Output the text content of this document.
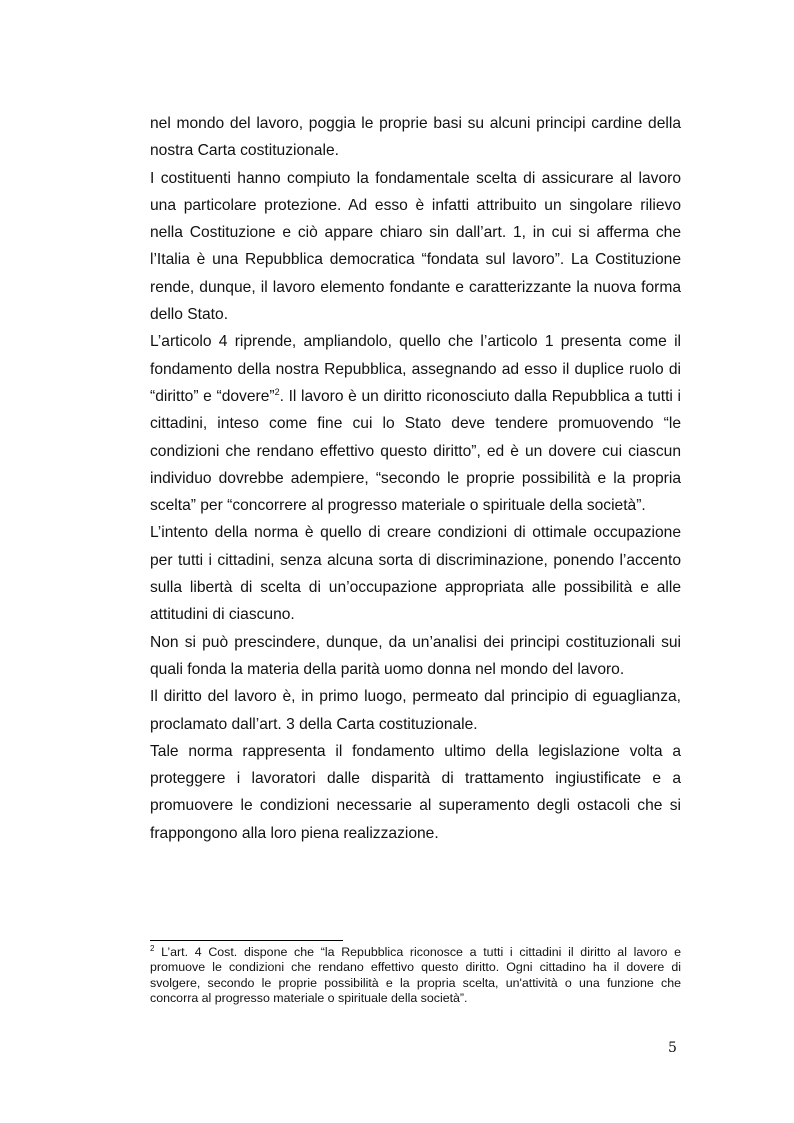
nel mondo del lavoro, poggia le proprie basi su alcuni principi cardine della nostra Carta costituzionale.

I costituenti hanno compiuto la fondamentale scelta di assicurare al lavoro una particolare protezione. Ad esso è infatti attribuito un singolare rilievo nella Costituzione e ciò appare chiaro sin dall’art. 1, in cui si afferma che l’Italia è una Repubblica democratica “fondata sul lavoro”. La Costituzione rende, dunque, il lavoro elemento fondante e caratterizzante la nuova forma dello Stato.

L’articolo 4 riprende, ampliandolo, quello che l’articolo 1 presenta come il fondamento della nostra Repubblica, assegnando ad esso il duplice ruolo di “diritto” e “dovere”$^2$. Il lavoro è un diritto riconosciuto dalla Repubblica a tutti i cittadini, inteso come fine cui lo Stato deve tendere promuovendo “le condizioni che rendano effettivo questo diritto”, ed è un dovere cui ciascun individuo dovrebbe adempiere, “secondo le proprie possibilità e la propria scelta” per “concorrere al progresso materiale o spirituale della società”.

L’intento della norma è quello di creare condizioni di ottimale occupazione per tutti i cittadini, senza alcuna sorta di discriminazione, ponendo l’accento sulla libertà di scelta di un’occupazione appropriata alle possibilità e alle attitudini di ciascuno.

Non si può prescindere, dunque, da un’analisi dei principi costituzionali sui quali fonda la materia della parità uomo donna nel mondo del lavoro.

Il diritto del lavoro è, in primo luogo, permeato dal principio di eguaglianza, proclamato dall’art. 3 della Carta costituzionale.

Tale norma rappresenta il fondamento ultimo della legislazione volta a proteggere i lavoratori dalle disparità di trattamento ingiustificate e a promuovere le condizioni necessarie al superamento degli ostacoli che si frappongono alla loro piena realizzazione.

$^2$ L’art. 4 Cost. dispone che “la Repubblica riconosce a tutti i cittadini il diritto al lavoro e promuove le condizioni che rendano effettivo questo diritto. Ogni cittadino ha il dovere di svolgere, secondo le proprie possibilità e la propria scelta, un'attività o una funzione che concorra al progresso materiale o spirituale della società”.
5
